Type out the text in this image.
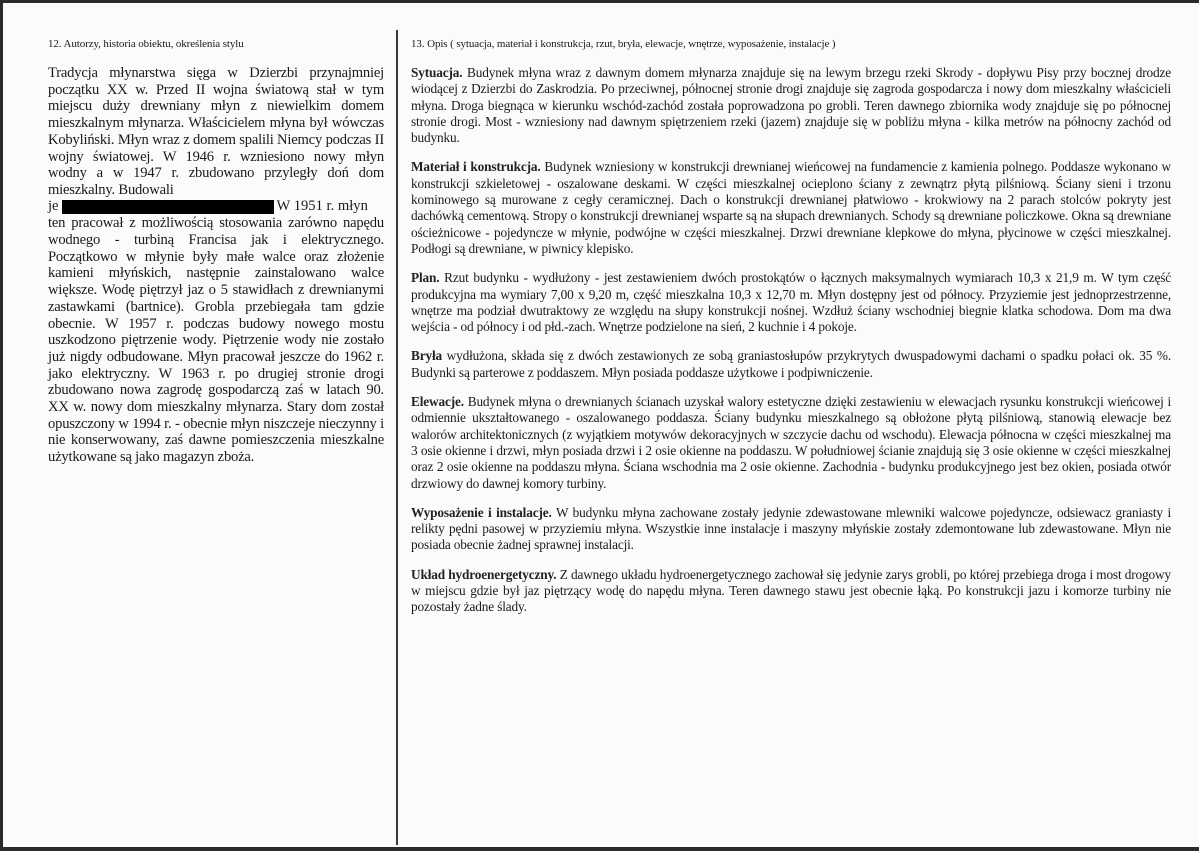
12. Autorzy, historia obiektu, określenia stylu

Tradycja młynarstwa sięga w Dzierzbi przynajmniej początku XX w. Przed II wojna światową stał w tym miejscu duży drewniany młyn z niewielkim domem mieszkalnym młynarza. Właścicielem młyna był wówczas Kobyliński. Młyn wraz z domem spalili Niemcy podczas II wojny światowej. W 1946 r. wzniesiono nowy młyn wodny a w 1947 r. zbudowano przyległy doń dom mieszkalny. Budowali

je	W 1951 r. młyn

ten pracował z możliwością stosowania zarówno napędu wodnego - turbiną Francisa jak i elektrycznego. Początkowo w młynie były małe walce oraz złożenie kamieni młyńskich, następnie zainstalowano walce większe. Wodę piętrzył jaz o 5 stawidłach z drewnianymi zastawkami (bartnice). Grobla przebiegała tam gdzie obecnie. W 1957 r. podczas budowy nowego mostu uszkodzono piętrzenie wody. Piętrzenie wody nie zostało już nigdy odbudowane. Młyn pracował jeszcze do 1962 r. jako elektryczny. W 1963 r. po drugiej stronie drogi zbudowano nowa zagrodę gospodarczą zaś w latach 90. XX w. nowy dom mieszkalny młynarza. Stary dom został opuszczony w 1994 r. - obecnie młyn niszczeje nieczynny i nie konserwowany, zaś dawne pomieszczenia mieszkalne użytkowane są jako magazyn zboża.

13. Opis ( sytuacja, materiał i konstrukcja, rzut, bryła, elewacje, wnętrze, wyposażenie, instalacje )

Sytuacja. Budynek młyna wraz z dawnym domem młynarza znajduje się na lewym brzegu rzeki Skrody - dopływu Pisy przy bocznej drodze wiodącej z Dzierzbi do Zaskrodzia. Po przeciwnej, północnej stronie drogi znajduje się zagroda gospodarcza i nowy dom mieszkalny właścicieli młyna. Droga biegnąca w kierunku wschód-zachód została poprowadzona po grobli. Teren dawnego zbiornika wody znajduje się po północnej stronie drogi. Most - wzniesiony nad dawnym spiętrzeniem rzeki (jazem) znajduje się w pobliżu młyna - kilka metrów na północny zachód od budynku.

Materiał i konstrukcja. Budynek wzniesiony w konstrukcji drewnianej wieńcowej na fundamencie z kamienia polnego. Poddasze wykonano w konstrukcji szkieletowej - oszalowane deskami. W części mieszkalnej ocieplono ściany z zewnątrz płytą pilśniową. Ściany sieni i trzonu kominowego są murowane z cegły ceramicznej. Dach o konstrukcji drewnianej płatwiowo - krokwiowy na 2 parach stolców pokryty jest dachówką cementową. Stropy o konstrukcji drewnianej wsparte są na słupach drewnianych. Schody są drewniane policzkowe. Okna są drewniane ościeżnicowe - pojedyncze w młynie, podwójne w części mieszkalnej. Drzwi drewniane klepkowe do młyna, płycinowe w części mieszkalnej. Podłogi są drewniane, w piwnicy klepisko.

Plan. Rzut budynku - wydłużony - jest zestawieniem dwóch prostokątów o łącznych maksymalnych wymiarach 10,3 x 21,9 m. W tym część produkcyjna ma wymiary 7,00 x 9,20 m, część mieszkalna 10,3 x 12,70 m. Młyn dostępny jest od północy. Przyziemie jest jednoprzestrzenne, wnętrze ma podział dwutraktowy ze względu na słupy konstrukcji nośnej. Wzdłuż ściany wschodniej biegnie klatka schodowa. Dom ma dwa wejścia - od północy i od płd.-zach. Wnętrze podzielone na sień, 2 kuchnie i 4 pokoje.

Bryła wydłużona, składa się z dwóch zestawionych ze sobą graniastosłupów przykrytych dwuspadowymi dachami o spadku połaci ok. 35 %. Budynki są parterowe z poddaszem. Młyn posiada poddasze użytkowe i podpiwniczenie.

Elewacje. Budynek młyna o drewnianych ścianach uzyskał walory estetyczne dzięki zestawieniu w elewacjach rysunku konstrukcji wieńcowej i odmiennie ukształtowanego - oszalowanego poddasza. Ściany budynku mieszkalnego są obłożone płytą pilśniową, stanowią elewacje bez walorów architektonicznych (z wyjątkiem motywów dekoracyjnych w szczycie dachu od wschodu). Elewacja północna w części mieszkalnej ma 3 osie okienne i drzwi, młyn posiada drzwi i 2 osie okienne na poddaszu. W południowej ścianie znajdują się 3 osie okienne w części mieszkalnej oraz 2 osie okienne na poddaszu młyna. Ściana wschodnia ma 2 osie okienne. Zachodnia - budynku produkcyjnego jest bez okien, posiada otwór drzwiowy do dawnej komory turbiny.

Wyposażenie i instalacje. W budynku młyna zachowane zostały jedynie zdewastowane mlewniki walcowe pojedyncze, odsiewacz graniasty i relikty pędni pasowej w przyziemiu młyna. Wszystkie inne instalacje i maszyny młyńskie zostały zdemontowane lub zdewastowane. Młyn nie posiada obecnie żadnej sprawnej instalacji.

Układ hydroenergetyczny. Z dawnego układu hydroenergetycznego zachował się jedynie zarys grobli, po której przebiega droga i most drogowy w miejscu gdzie był jaz piętrzący wodę do napędu młyna. Teren dawnego stawu jest obecnie łąką. Po konstrukcji jazu i komorze turbiny nie pozostały żadne ślady.
